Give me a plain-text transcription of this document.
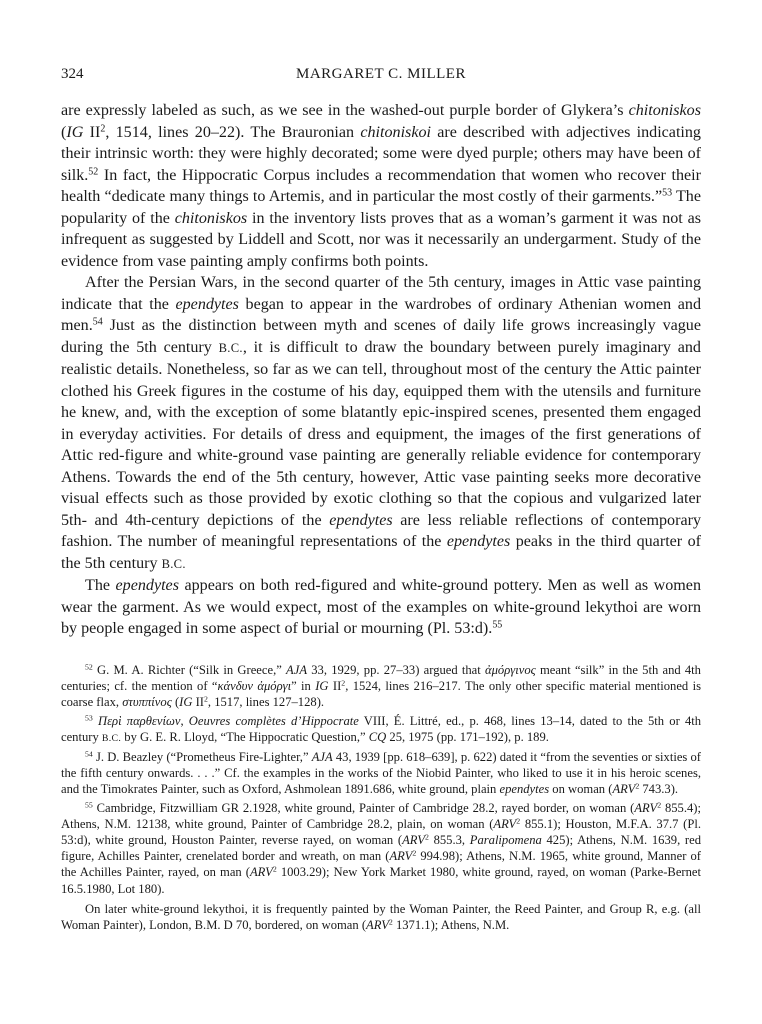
324	MARGARET C. MILLER

are expressly labeled as such, as we see in the washed-out purple border of Glykera’s chitoniskos (IG $II^2$, 1514, lines 20–22). The Brauronian chitoniskoi are described with adjectives indicating their intrinsic worth: they were highly decorated; some were dyed purple; others may have been of silk.$^{52}$ In fact, the Hippocratic Corpus includes a recommendation that women who recover their health “dedicate many things to Artemis, and in particular the most costly of their garments.”$^{53}$ The popularity of the chitoniskos in the inventory lists proves that as a woman’s garment it was not as infrequent as suggested by Liddell and Scott, nor was it necessarily an undergarment. Study of the evidence from vase painting amply confirms both points.

After the Persian Wars, in the second quarter of the 5th century, images in Attic vase painting indicate that the ependytes began to appear in the wardrobes of ordinary Athenian women and men.$^{54}$ Just as the distinction between myth and scenes of daily life grows increasingly vague during the 5th century B.C., it is difficult to draw the boundary between purely imaginary and realistic details. Nonetheless, so far as we can tell, throughout most of the century the Attic painter clothed his Greek figures in the costume of his day, equipped them with the utensils and furniture he knew, and, with the exception of some blatantly epic-inspired scenes, presented them engaged in everyday activities. For details of dress and equipment, the images of the first generations of Attic red-figure and white-ground vase painting are generally reliable evidence for contemporary Athens. Towards the end of the 5th century, however, Attic vase painting seeks more decorative visual effects such as those provided by exotic clothing so that the copious and vulgarized later 5th- and 4th-century depictions of the ependytes are less reliable reflections of contemporary fashion. The number of meaningful representations of the ependytes peaks in the third quarter of the 5th century B.C.

The ependytes appears on both red-figured and white-ground pottery. Men as well as women wear the garment. As we would expect, most of the examples on white-ground lekythoi are worn by people engaged in some aspect of burial or mourning (Pl. 53:d).$^{55}$

$^{52}$ G. M. A. Richter (“Silk in Greece,” AJA 33, 1929, pp. 27–33) argued that ἀμόργινος meant “silk” in the 5th and 4th centuries; cf. the mention of “κάνδυν ἀμόργι” in IG $II^2$, 1524, lines 216–217. The only other specific material mentioned is coarse flax, στυππίνος (IG $II^2$, 1517, lines 127–128).

$^{53}$ Περὶ παρθενίων, Oeuvres complètes d’Hippocrate VIII, É. Littré, ed., p. 468, lines 13–14, dated to the 5th or 4th century B.C. by G. E. R. Lloyd, “The Hippocratic Question,” CQ 25, 1975 (pp. 171–192), p. 189.

$^{54}$ J. D. Beazley (“Prometheus Fire-Lighter,” AJA 43, 1939 [pp. 618–639], p. 622) dated it “from the seventies or sixties of the fifth century onwards. . . .” Cf. the examples in the works of the Niobid Painter, who liked to use it in his heroic scenes, and the Timokrates Painter, such as Oxford, Ashmolean 1891.686, white ground, plain ependytes on woman (ARV$^2$ 743.3).

$^{55}$ Cambridge, Fitzwilliam GR 2.1928, white ground, Painter of Cambridge 28.2, rayed border, on woman (ARV$^2$ 855.4); Athens, N.M. 12138, white ground, Painter of Cambridge 28.2, plain, on woman (ARV$^2$ 855.1); Houston, M.F.A. 37.7 (Pl. 53:d), white ground, Houston Painter, reverse rayed, on woman (ARV$^2$ 855.3, Paralipomena 425); Athens, N.M. 1639, red figure, Achilles Painter, crenelated border and wreath, on man (ARV$^2$ 994.98); Athens, N.M. 1965, white ground, Manner of the Achilles Painter, rayed, on man (ARV$^2$ 1003.29); New York Market 1980, white ground, rayed, on woman (Parke-Bernet 16.5.1980, Lot 180).

On later white-ground lekythoi, it is frequently painted by the Woman Painter, the Reed Painter, and Group R, e.g. (all Woman Painter), London, B.M. D 70, bordered, on woman (ARV$^2$ 1371.1); Athens, N.M.
